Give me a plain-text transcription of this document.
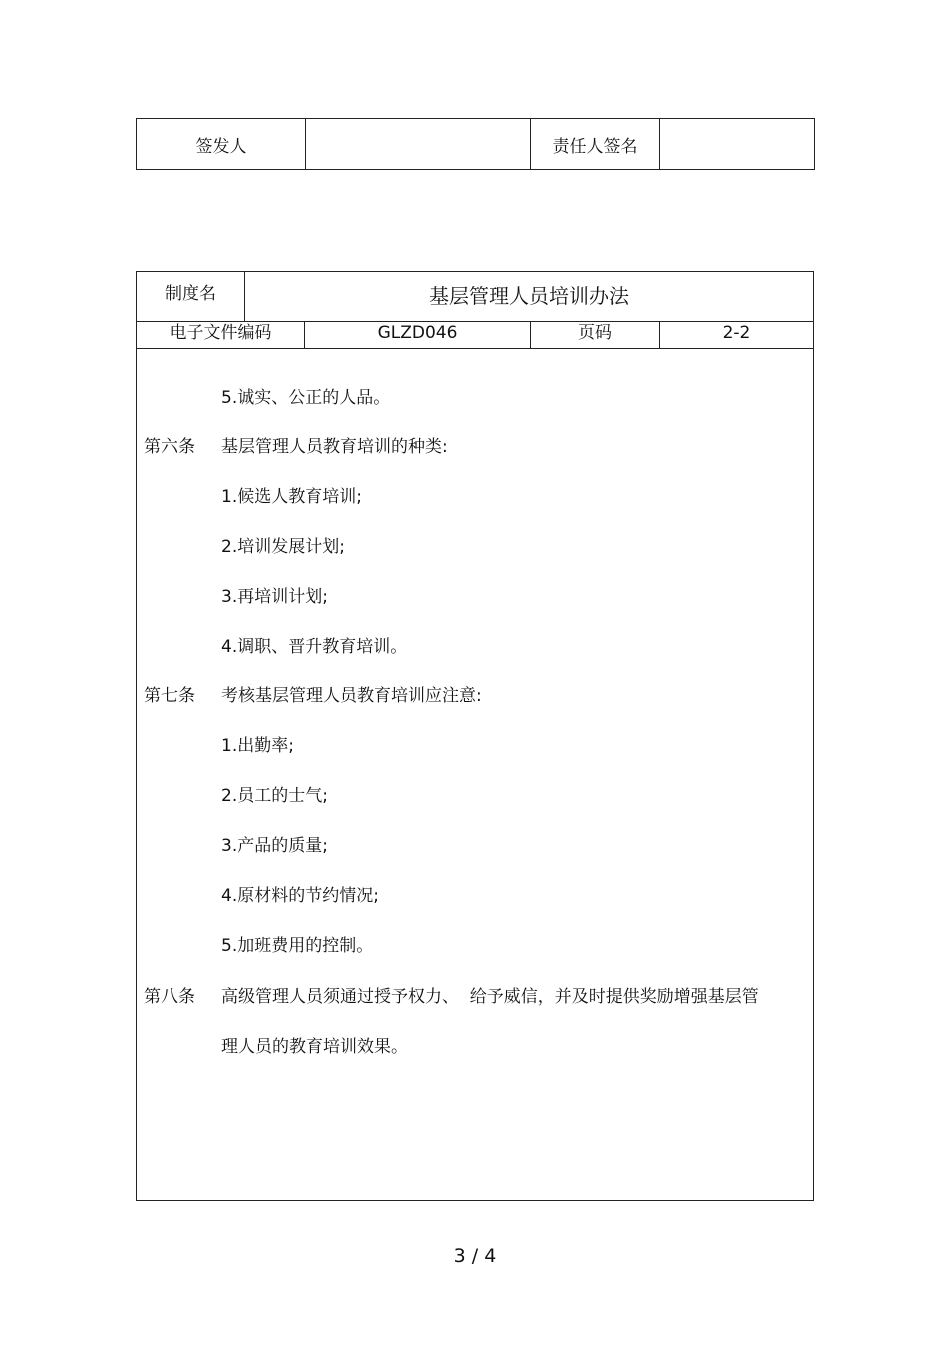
签发人		责任人签名	
制度名	基层管理人员培训办法
电子文件编码	GLZD046	页码	2-2
5.诚实、公正的人品。
第六条 基层管理人员教育培训的种类:
1.候选人教育培训;
2.培训发展计划;
3.再培训计划;
4.调职、晋升教育培训。
第七条 考核基层管理人员教育培训应注意:
1.出勤率;
2.员工的士气;
3.产品的质量;
4.原材料的节约情况;
5.加班费用的控制。
第八条 高级管理人员须通过授予权力、  给予威信，并及时提供奖励增强基层管
理人员的教育培训效果。
3 / 4
